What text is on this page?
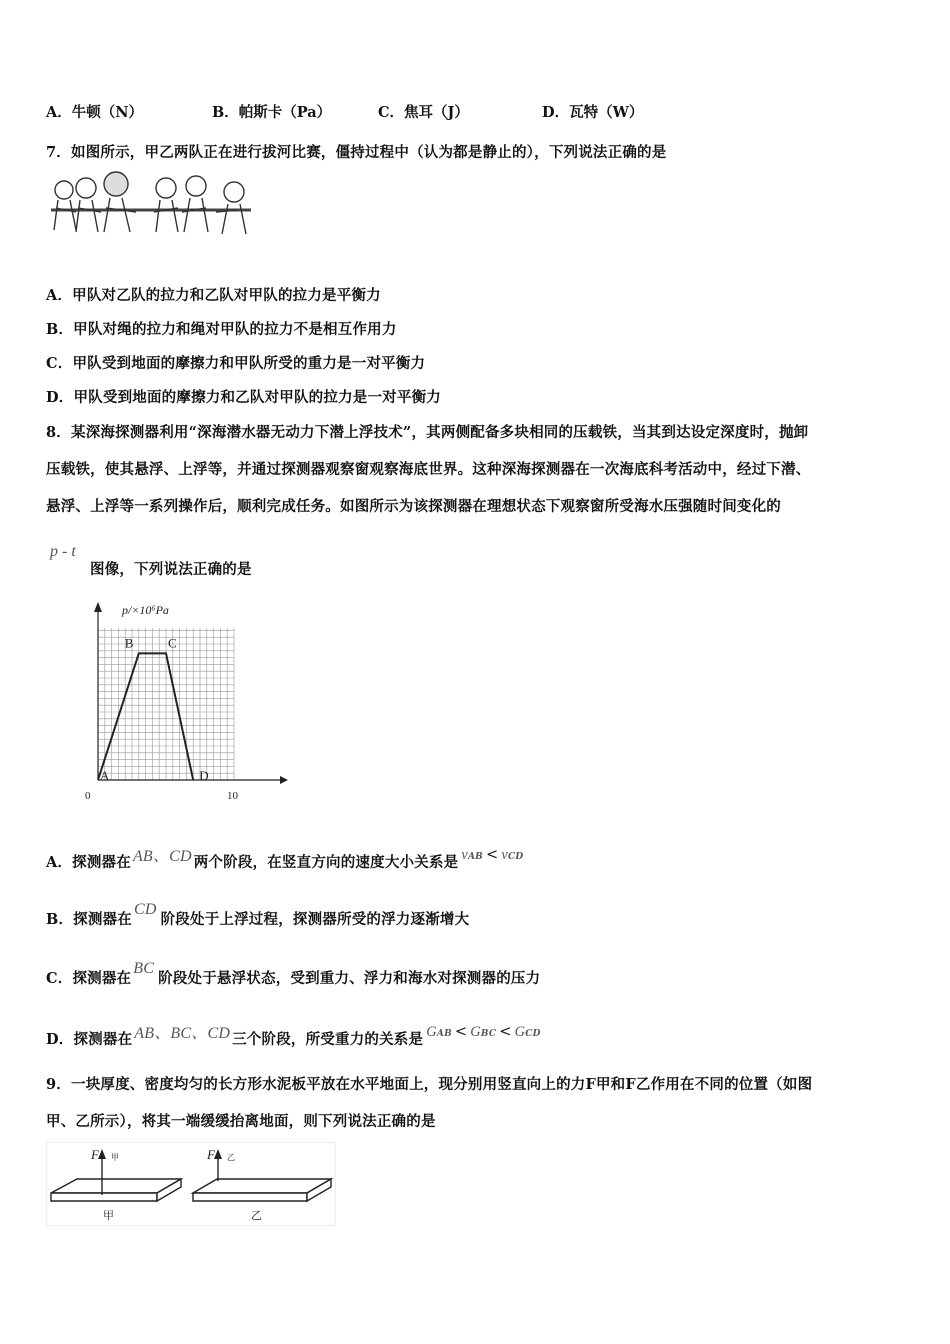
A．牛顿（N）	B．帕斯卡（Pa）	C．焦耳（J）	D．瓦特（W）
7．如图所示，甲乙两队正在进行拔河比赛，僵持过程中（认为都是静止的），下列说法正确的是
A．甲队对乙队的拉力和乙队对甲队的拉力是平衡力
B．甲队对绳的拉力和绳对甲队的拉力不是相互作用力
C．甲队受到地面的摩擦力和甲队所受的重力是一对平衡力
D．甲队受到地面的摩擦力和乙队对甲队的拉力是一对平衡力
8．某深海探测器利用“深海潜水器无动力下潜上浮技术”，其两侧配备多块相同的压载铁，当其到达设定深度时，抛卸
压载铁，使其悬浮、上浮等，并通过探测器观察窗观察海底世界。这种深海探测器在一次海底科考活动中，经过下潜、
悬浮、上浮等一系列操作后，顺利完成任务。如图所示为该探测器在理想状态下观察窗所受海水压强随时间变化的
p - t
图像，下列说法正确的是
p/×10⁶Pa
0	10
A
B	C
D
A．探测器在 AB、CD 两个阶段，在竖直方向的速度大小关系是 vAB < vCD
B．探测器在CD阶段处于上浮过程，探测器所受的浮力逐渐增大
C．探测器在BC阶段处于悬浮状态，受到重力、浮力和海水对探测器的压力
D．探测器在 AB、BC、CD 三个阶段，所受重力的关系是 GAB < GBC < GCD
9．一块厚度、密度均匀的长方形水泥板平放在水平地面上，现分别用竖直向上的力F甲和F乙作用在不同的位置（如图
甲、乙所示），将其一端缓缓抬离地面，则下列说法正确的是
F 甲	F 乙
甲	乙
